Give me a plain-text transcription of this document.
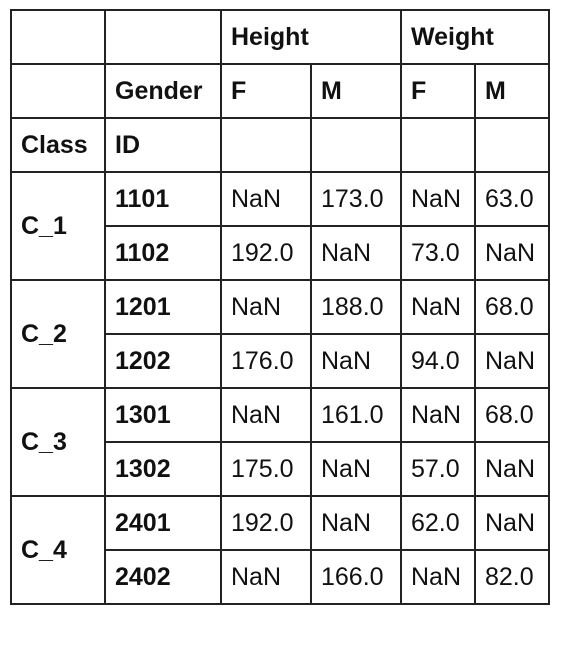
		Height		Weight	
	Gender	F	M	F	M
Class	ID				
C_1	1101	NaN	173.0	NaN	63.0
	1102	192.0	NaN	73.0	NaN
C_2	1201	NaN	188.0	NaN	68.0
	1202	176.0	NaN	94.0	NaN
C_3	1301	NaN	161.0	NaN	68.0
	1302	175.0	NaN	57.0	NaN
C_4	2401	192.0	NaN	62.0	NaN
	2402	NaN	166.0	NaN	82.0
